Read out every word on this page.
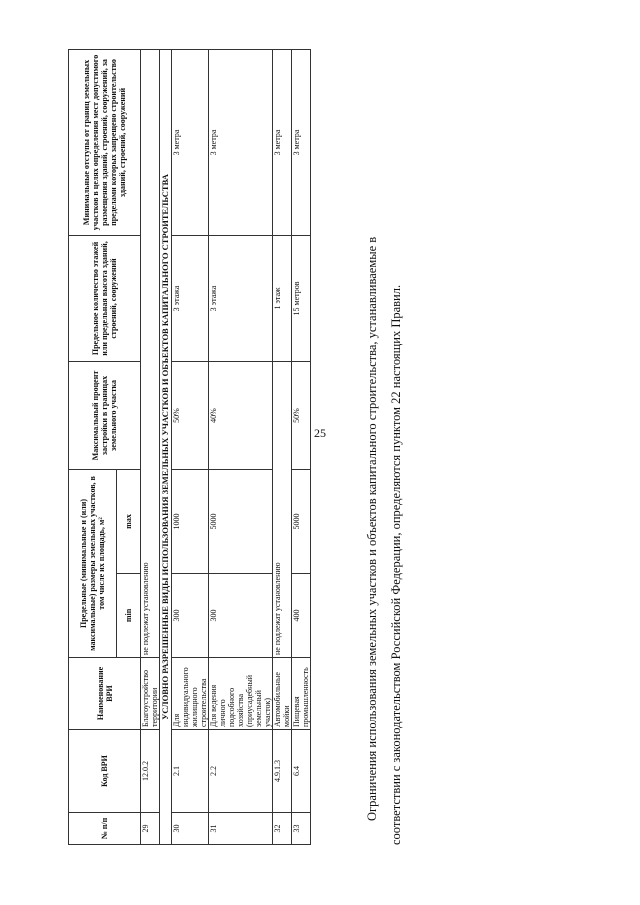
25
№ п/п	Код ВРИ	Наименование ВРИ	Предельные (минимальные и (или) максимальные) размеры земельных участков, в том числе их площадь, м²		Максимальный процент застройки в границах земельного участка	Предельное количество этажей или предельная высота зданий, строений, сооружений	Минимальные отступы от границ земельных участков в целях определения мест допустимого размещения зданий, строений, сооружений, за пределами которых запрещено строительство зданий, строений, сооружений
			min	max			
29	12.0.2	Благоустройство территории	не подлежат установлению				
УСЛОВНО РАЗРЕШЕННЫЕ ВИДЫ ИСПОЛЬЗОВАНИЯ ЗЕМЕЛЬНЫХ УЧАСТКОВ И ОБЪЕКТОВ КАПИТАЛЬНОГО СТРОИТЕЛЬСТВА							
30	2.1	Для индивидуального жилищного строительства	300	1000	50%	3 этажа	3 метра
31	2.2	Для ведения личного подсобного хозяйства (приусадебный земельный участок)	300	5000	40%	3 этажа	3 метра
32	4.9.1.3	Автомобильные мойки	не подлежат установлению			1 этаж	3 метра
33	6.4	Пищевая промышленность	400	5000	50%	15 метров	3 метра
Ограничения использования земельных участков и объектов капитального строительства, устанавливаемые в соответствии с законодательством Российской Федерации, определяются пунктом 22 настоящих Правил.
